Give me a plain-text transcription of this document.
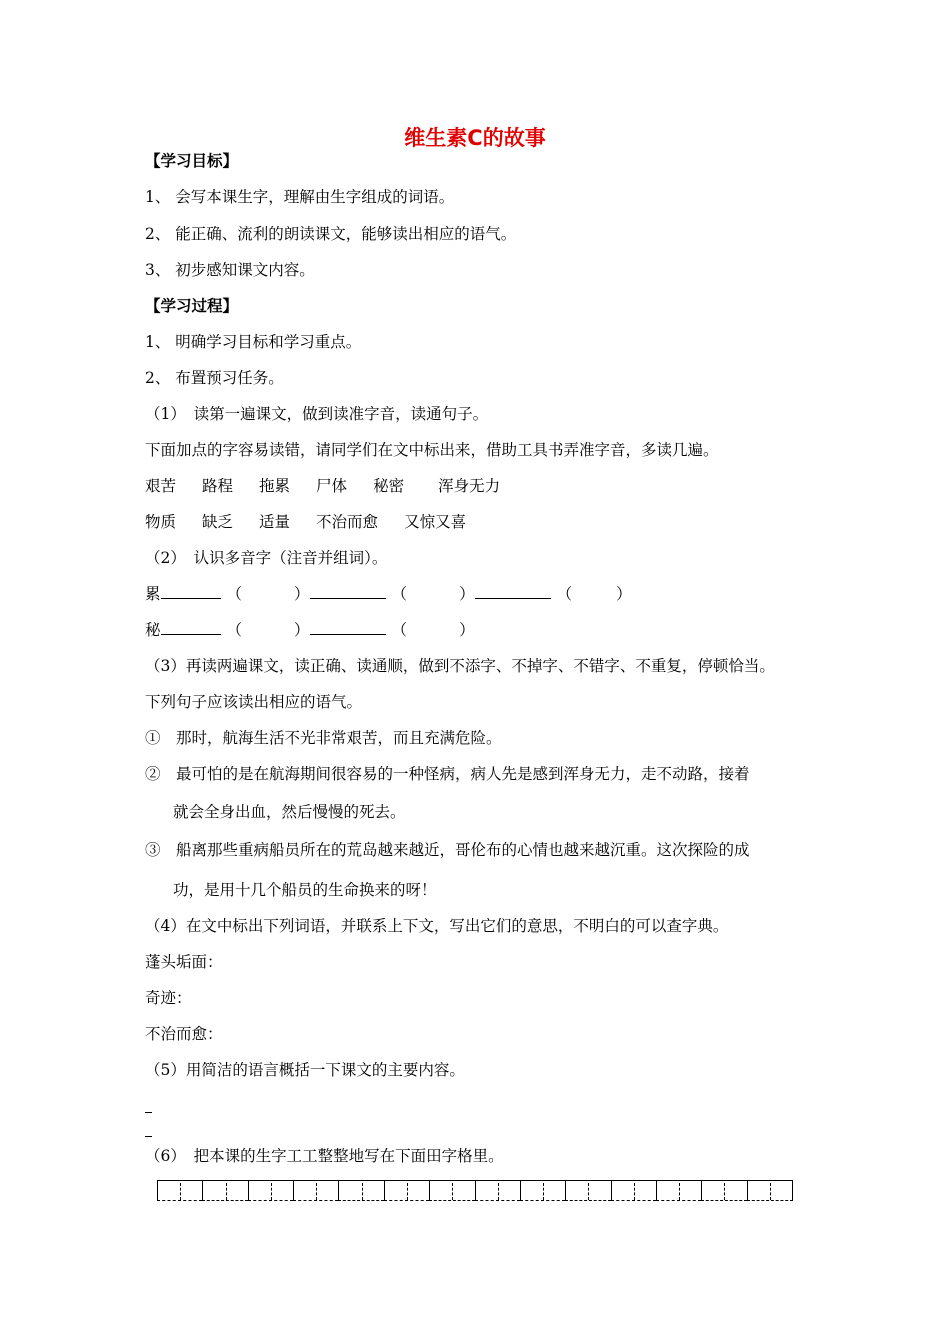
维生素C的故事
【学习目标】
1、 会写本课生字，理解由生字组成的词语。
2、 能正确、流利的朗读课文，能够读出相应的语气。
3、 初步感知课文内容。
【学习过程】
1、 明确学习目标和学习重点。
2、 布置预习任务。
（1）　读第一遍课文，做到读准字音，读通句子。
下面加点的字容易读错，请同学们在文中标出来，借助工具书弄准字音，多读几遍。
艰苦 路程 拖累 尸体 秘密 浑身无力
物质 缺乏 适量 不治而愈 又惊又喜
（2）　认识多音字（注音并组词）。
累	（	）	（	）	（	）
秘	（	）	（	）
（3）再读两遍课文，读正确、读通顺，做到不添字、不掉字、不错字、不重复，停顿恰当。
下列句子应该读出相应的语气。
①　那时，航海生活不光非常艰苦，而且充满危险。
②　最可怕的是在航海期间很容易的一种怪病，病人先是感到浑身无力，走不动路，接着
就会全身出血，然后慢慢的死去。
③　船离那些重病船员所在的荒岛越来越近，哥伦布的心情也越来越沉重。这次探险的成
功，是用十几个船员的生命换来的呀！
（4）在文中标出下列词语，并联系上下文，写出它们的意思，不明白的可以查字典。
蓬头垢面：
奇迹：
不治而愈：
（5）用简洁的语言概括一下课文的主要内容。
（6）　把本课的生字工工整整地写在下面田字格里。
